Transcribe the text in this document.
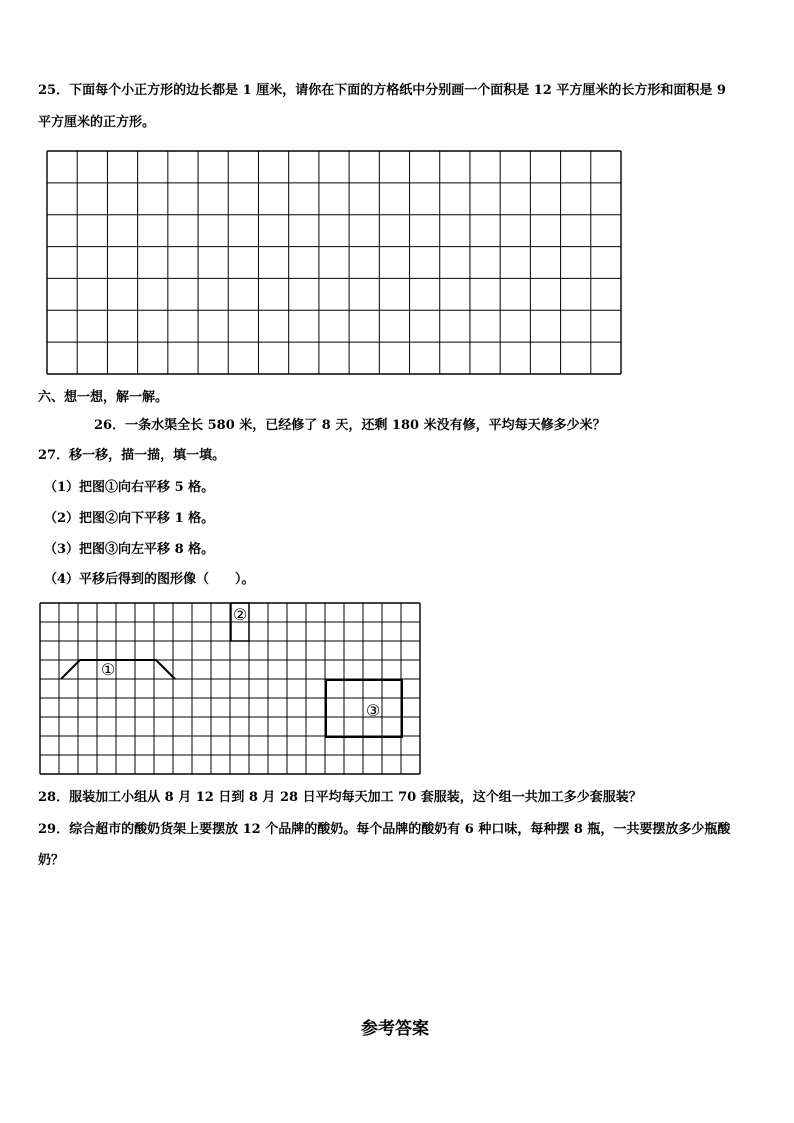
25．下面每个小正方形的边长都是 1 厘米，请你在下面的方格纸中分别画一个面积是 12 平方厘米的长方形和面积是 9
平方厘米的正方形。
六、想一想，解一解。
26．一条水渠全长 580 米，已经修了 8 天，还剩 180 米没有修，平均每天修多少米？
27．移一移，描一描，填一填。
（1）把图①向右平移 5 格。
（2）把图②向下平移 1 格。
（3）把图③向左平移 8 格。
（4）平移后得到的图形像（　　）。
①
②
③
28．服装加工小组从 8 月 12 日到 8 月 28 日平均每天加工 70 套服装，这个组一共加工多少套服装？
29．综合超市的酸奶货架上要摆放 12 个品牌的酸奶。每个品牌的酸奶有 6 种口味，每种摆 8 瓶，一共要摆放多少瓶酸
奶？
参考答案
